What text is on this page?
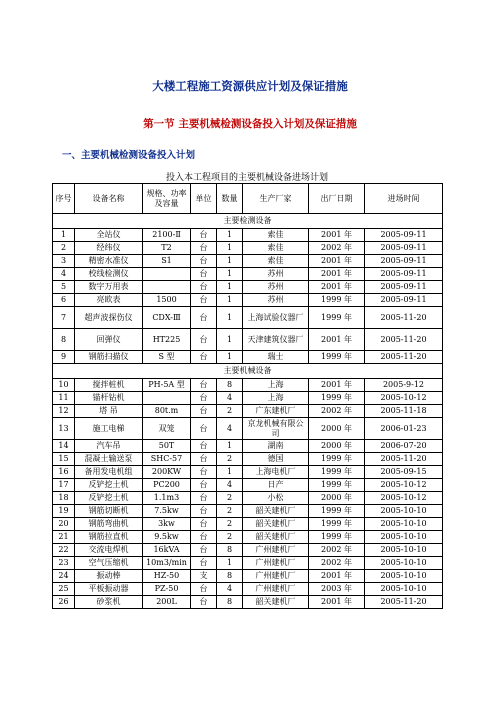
大楼工程施工资源供应计划及保证措施
第一节 主要机械检测设备投入计划及保证措施
一、主要机械检测设备投入计划
投入本工程项目的主要机械设备进场计划
序号	设备名称	规格、功率及容量	单位	数量	生产厂家	出厂日期	进场时间
主要检测设备							
1	全站仪	2100-Ⅱ	台	1	索佳	2001 年	2005-09-11
2	经纬仪	T2	台	1	索佳	2002 年	2005-09-11
3	精密水准仪	S1	台	1	索佳	2001 年	2005-09-11
4	校线检测仪		台	1	苏州	2001 年	2005-09-11
5	数字万用表		台	1	苏州	2001 年	2005-09-11
6	亮欧表	1500	台	1	苏州	1999 年	2005-09-11
7	超声波探伤仪	CDX-Ⅲ	台	1	上海试验仪器厂	1999 年	2005-11-20
8	回弹仪	HT225	台	1	天津建筑仪器厂	2001 年	2005-11-20
9	钢筋扫描仪	S 型	台	1	瑞士	1999 年	2005-11-20
主要机械设备							
10	搅拌桩机	PH-5A 型	台	8	上海	2001 年	2005-9-12
11	锚杆钻机		台	4	上海	1999 年	2005-10-12
12	塔 吊	80t.m	台	2	广东建机厂	2002 年	2005-11-18
13	施工电梯	双笼	台	4	京龙机械有限公司	2000 年	2006-01-23
14	汽车吊	50T	台	1	湖南	2000 年	2006-07-20
15	混凝土输送泵	SHC-57	台	2	德国	1999 年	2005-11-20
16	备用发电机组	200KW	台	1	上海电机厂	1999 年	2005-09-15
17	反铲挖土机	PC200	台	4	日产	1999 年	2005-10-12
18	反铲挖土机	1.1m3	台	2	小松	2000 年	2005-10-12
19	钢筋切断机	7.5kw	台	2	韶关建机厂	1999 年	2005-10-10
20	钢筋弯曲机	3kw	台	2	韶关建机厂	1999 年	2005-10-10
21	钢筋拉直机	9.5kw	台	2	韶关建机厂	1999 年	2005-10-10
22	交流电焊机	16kVA	台	8	广州建机厂	2002 年	2005-10-10
23	空气压缩机	10m3/min	台	1	广州建机厂	2002 年	2005-10-10
24	振动棒	HZ-50	支	8	广州建机厂	2001 年	2005-10-10
25	平板振动器	PZ-50	台	4	广州建机厂	2003 年	2005-10-10
26	砂浆机	200L	台	8	韶关建机厂	2001 年	2005-11-20
